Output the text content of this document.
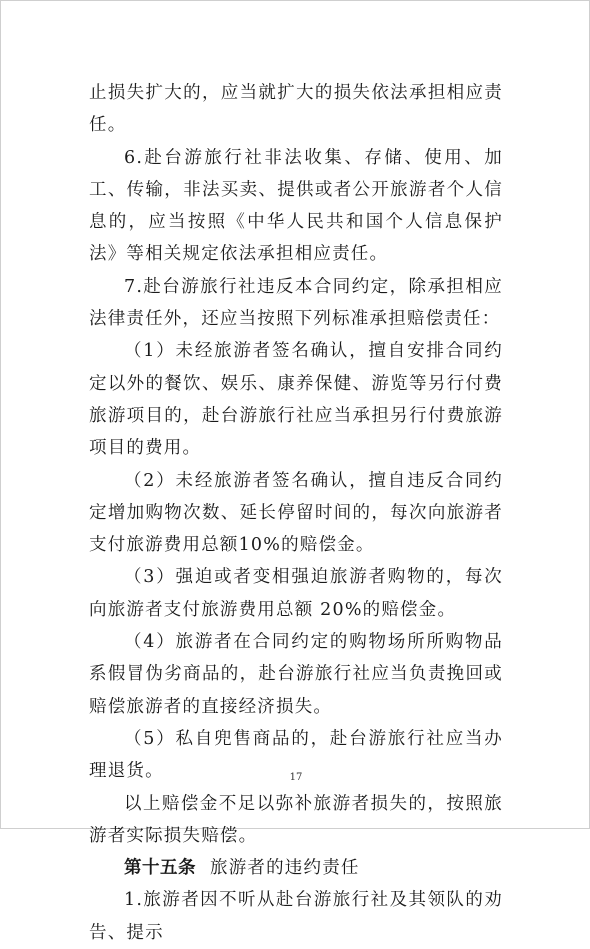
止损失扩大的，应当就扩大的损失依法承担相应责任。

6.赴台游旅行社非法收集、存储、使用、加工、传输，非法买卖、提供或者公开旅游者个人信息的，应当按照《中华人民共和国个人信息保护法》等相关规定依法承担相应责任。

7.赴台游旅行社违反本合同约定，除承担相应法律责任外，还应当按照下列标准承担赔偿责任：

（1）未经旅游者签名确认，擅自安排合同约定以外的餐饮、娱乐、康养保健、游览等另行付费旅游项目的，赴台游旅行社应当承担另行付费旅游项目的费用。

（2）未经旅游者签名确认，擅自违反合同约定增加购物次数、延长停留时间的，每次向旅游者支付旅游费用总额10%的赔偿金。

（3）强迫或者变相强迫旅游者购物的，每次向旅游者支付旅游费用总额 20%的赔偿金。

（4）旅游者在合同约定的购物场所所购物品系假冒伪劣商品的，赴台游旅行社应当负责挽回或赔偿旅游者的直接经济损失。

（5）私自兜售商品的，赴台游旅行社应当办理退货。

以上赔偿金不足以弥补旅游者损失的，按照旅游者实际损失赔偿。

第十五条 旅游者的违约责任

1.旅游者因不听从赴台游旅行社及其领队的劝告、提示

17
